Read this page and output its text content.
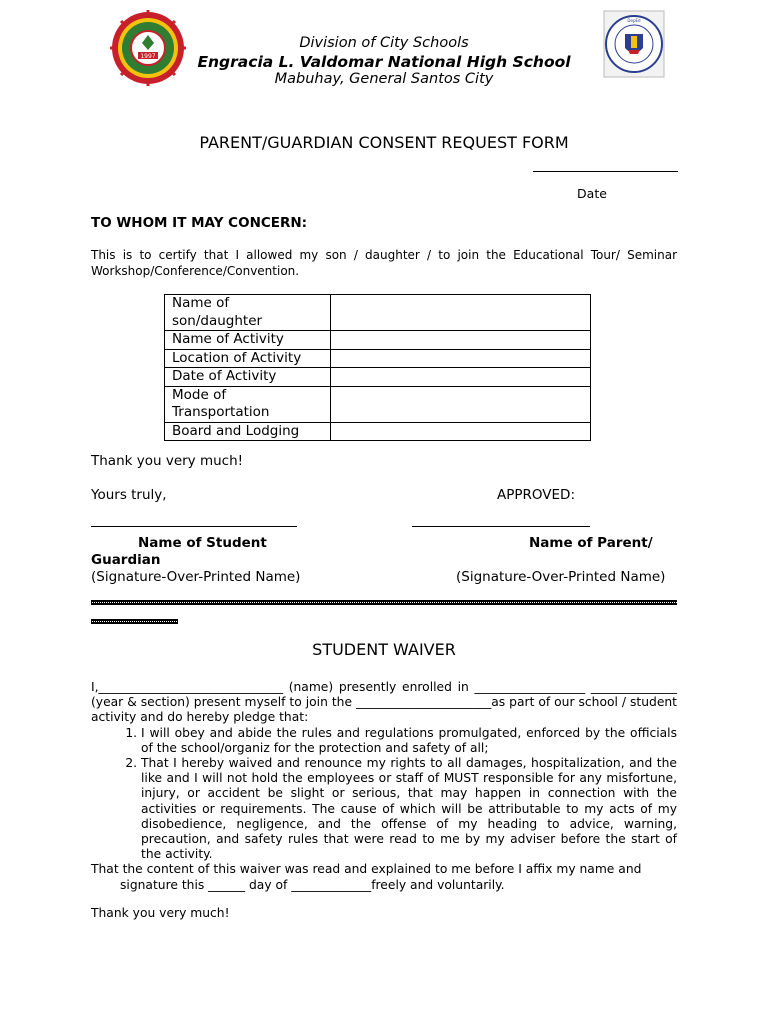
1997
DepEd
Division of City Schools
Engracia L. Valdomar National High School
Mabuhay, General Santos City
PARENT/GUARDIAN CONSENT REQUEST FORM
Date
TO WHOM IT MAY CONCERN:
This is to certify that I allowed my son / daughter / to join the Educational Tour/ Seminar Workshop/Conference/Convention.
Name of son/daughter	
Name of Activity	
Location of Activity	
Date of Activity	
Mode of Transportation	
Board and Lodging	
Thank you very much!
Yours truly,	APPROVED:
Name of Student	Name of Parent/
Guardian
(Signature-Over-Printed Name)	(Signature-Over-Printed Name)
STUDENT WAIVER

I,______________________________ (name) presently enrolled in __________________ ______________ (year & section) present myself to join the ______________________as part of our school / student activity and do hereby pledge that:

1. I will obey and abide the rules and regulations promulgated, enforced by the officials of the school/organiz for the protection and safety of all;
2. That I hereby waived and renounce my rights to all damages, hospitalization, and the like and I will not hold the employees or staff of MUST responsible for any misfortune, injury, or accident be slight or serious, that may happen in connection with the activities or requirements. The cause of which will be attributable to my acts of my disobedience, negligence, and the offense of my heading to advice, warning, precaution, and safety rules that were read to me by my adviser before the start of the activity.

That the content of this waiver was read and explained to me before I affix my name and

signature this ______ day of _____________freely and voluntarily.

Thank you very much!
